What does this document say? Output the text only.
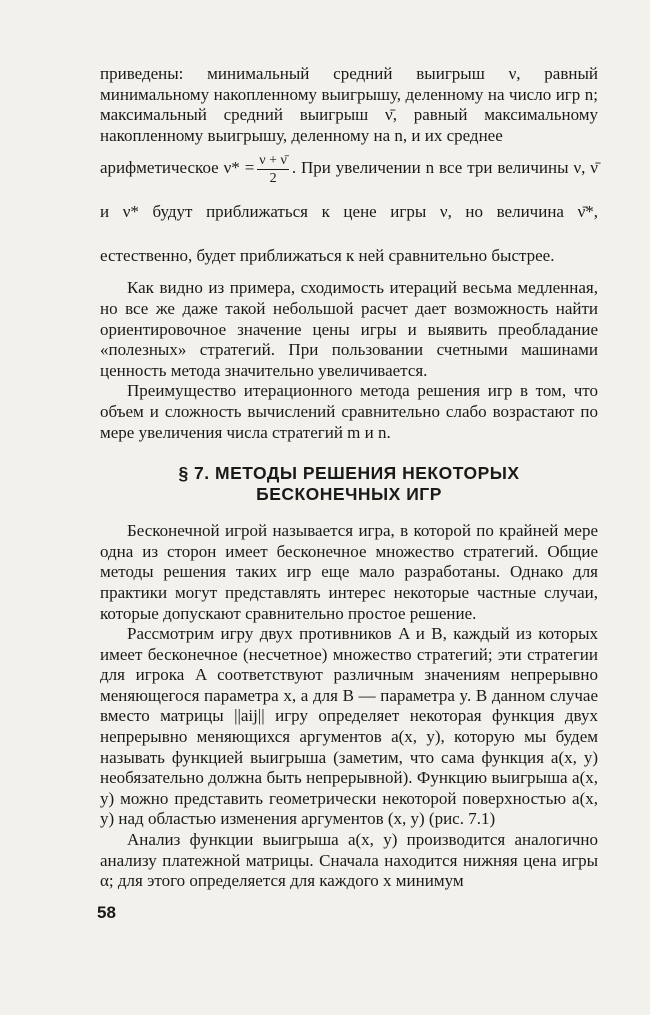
приведены: минимальный средний выигрыш ν, равный минимальному накопленному выигрышу, деленному на число игр n; максимальный средний выигрыш ν̄, равный максимальному накопленному выигрышу, деленному на n, и их среднее

арифметическое $\nu* = \frac{\nu + \nū}{2}$ . При увеличении n все три величины ν, ν̄ и ν* будут приближаться к цене игры ν, но величина ν̄*, естественно, будет приближаться к ней сравнительно быстрее.

Как видно из примера, сходимость итераций весьма медленная, но все же даже такой небольшой расчет дает возможность найти ориентировочное значение цены игры и выявить преобладание «полезных» стратегий. При пользовании счетными машинами ценность метода значительно увеличивается.

Преимущество итерационного метода решения игр в том, что объем и сложность вычислений сравнительно слабо возрастают по мере увеличения числа стратегий m и n.

§ 7. МЕТОДЫ РЕШЕНИЯ НЕКОТОРЫХ
БЕСКОНЕЧНЫХ ИГР

Бесконечной игрой называется игра, в которой по крайней мере одна из сторон имеет бесконечное множество стратегий. Общие методы решения таких игр еще мало разработаны. Однако для практики могут представлять интерес некоторые частные случаи, которые допускают сравнительно простое решение.

Рассмотрим игру двух противников A и B, каждый из которых имеет бесконечное (несчетное) множество стратегий; эти стратегии для игрока A соответствуют различным значениям непрерывно меняющегося параметра x, а для B — параметра y. В данном случае вместо матрицы ||aij|| игру определяет некоторая функция двух непрерывно меняющихся аргументов a(x, y), которую мы будем называть функцией выигрыша (заметим, что сама функция a(x, y) необязательно должна быть непрерывной). Функцию выигрыша a(x, y) можно представить геометрически некоторой поверхностью a(x, y) над областью изменения аргументов (x, y) (рис. 7.1)

Анализ функции выигрыша a(x, y) производится аналогично анализу платежной матрицы. Сначала находится нижняя цена игры α; для этого определяется для каждого x минимум

58
